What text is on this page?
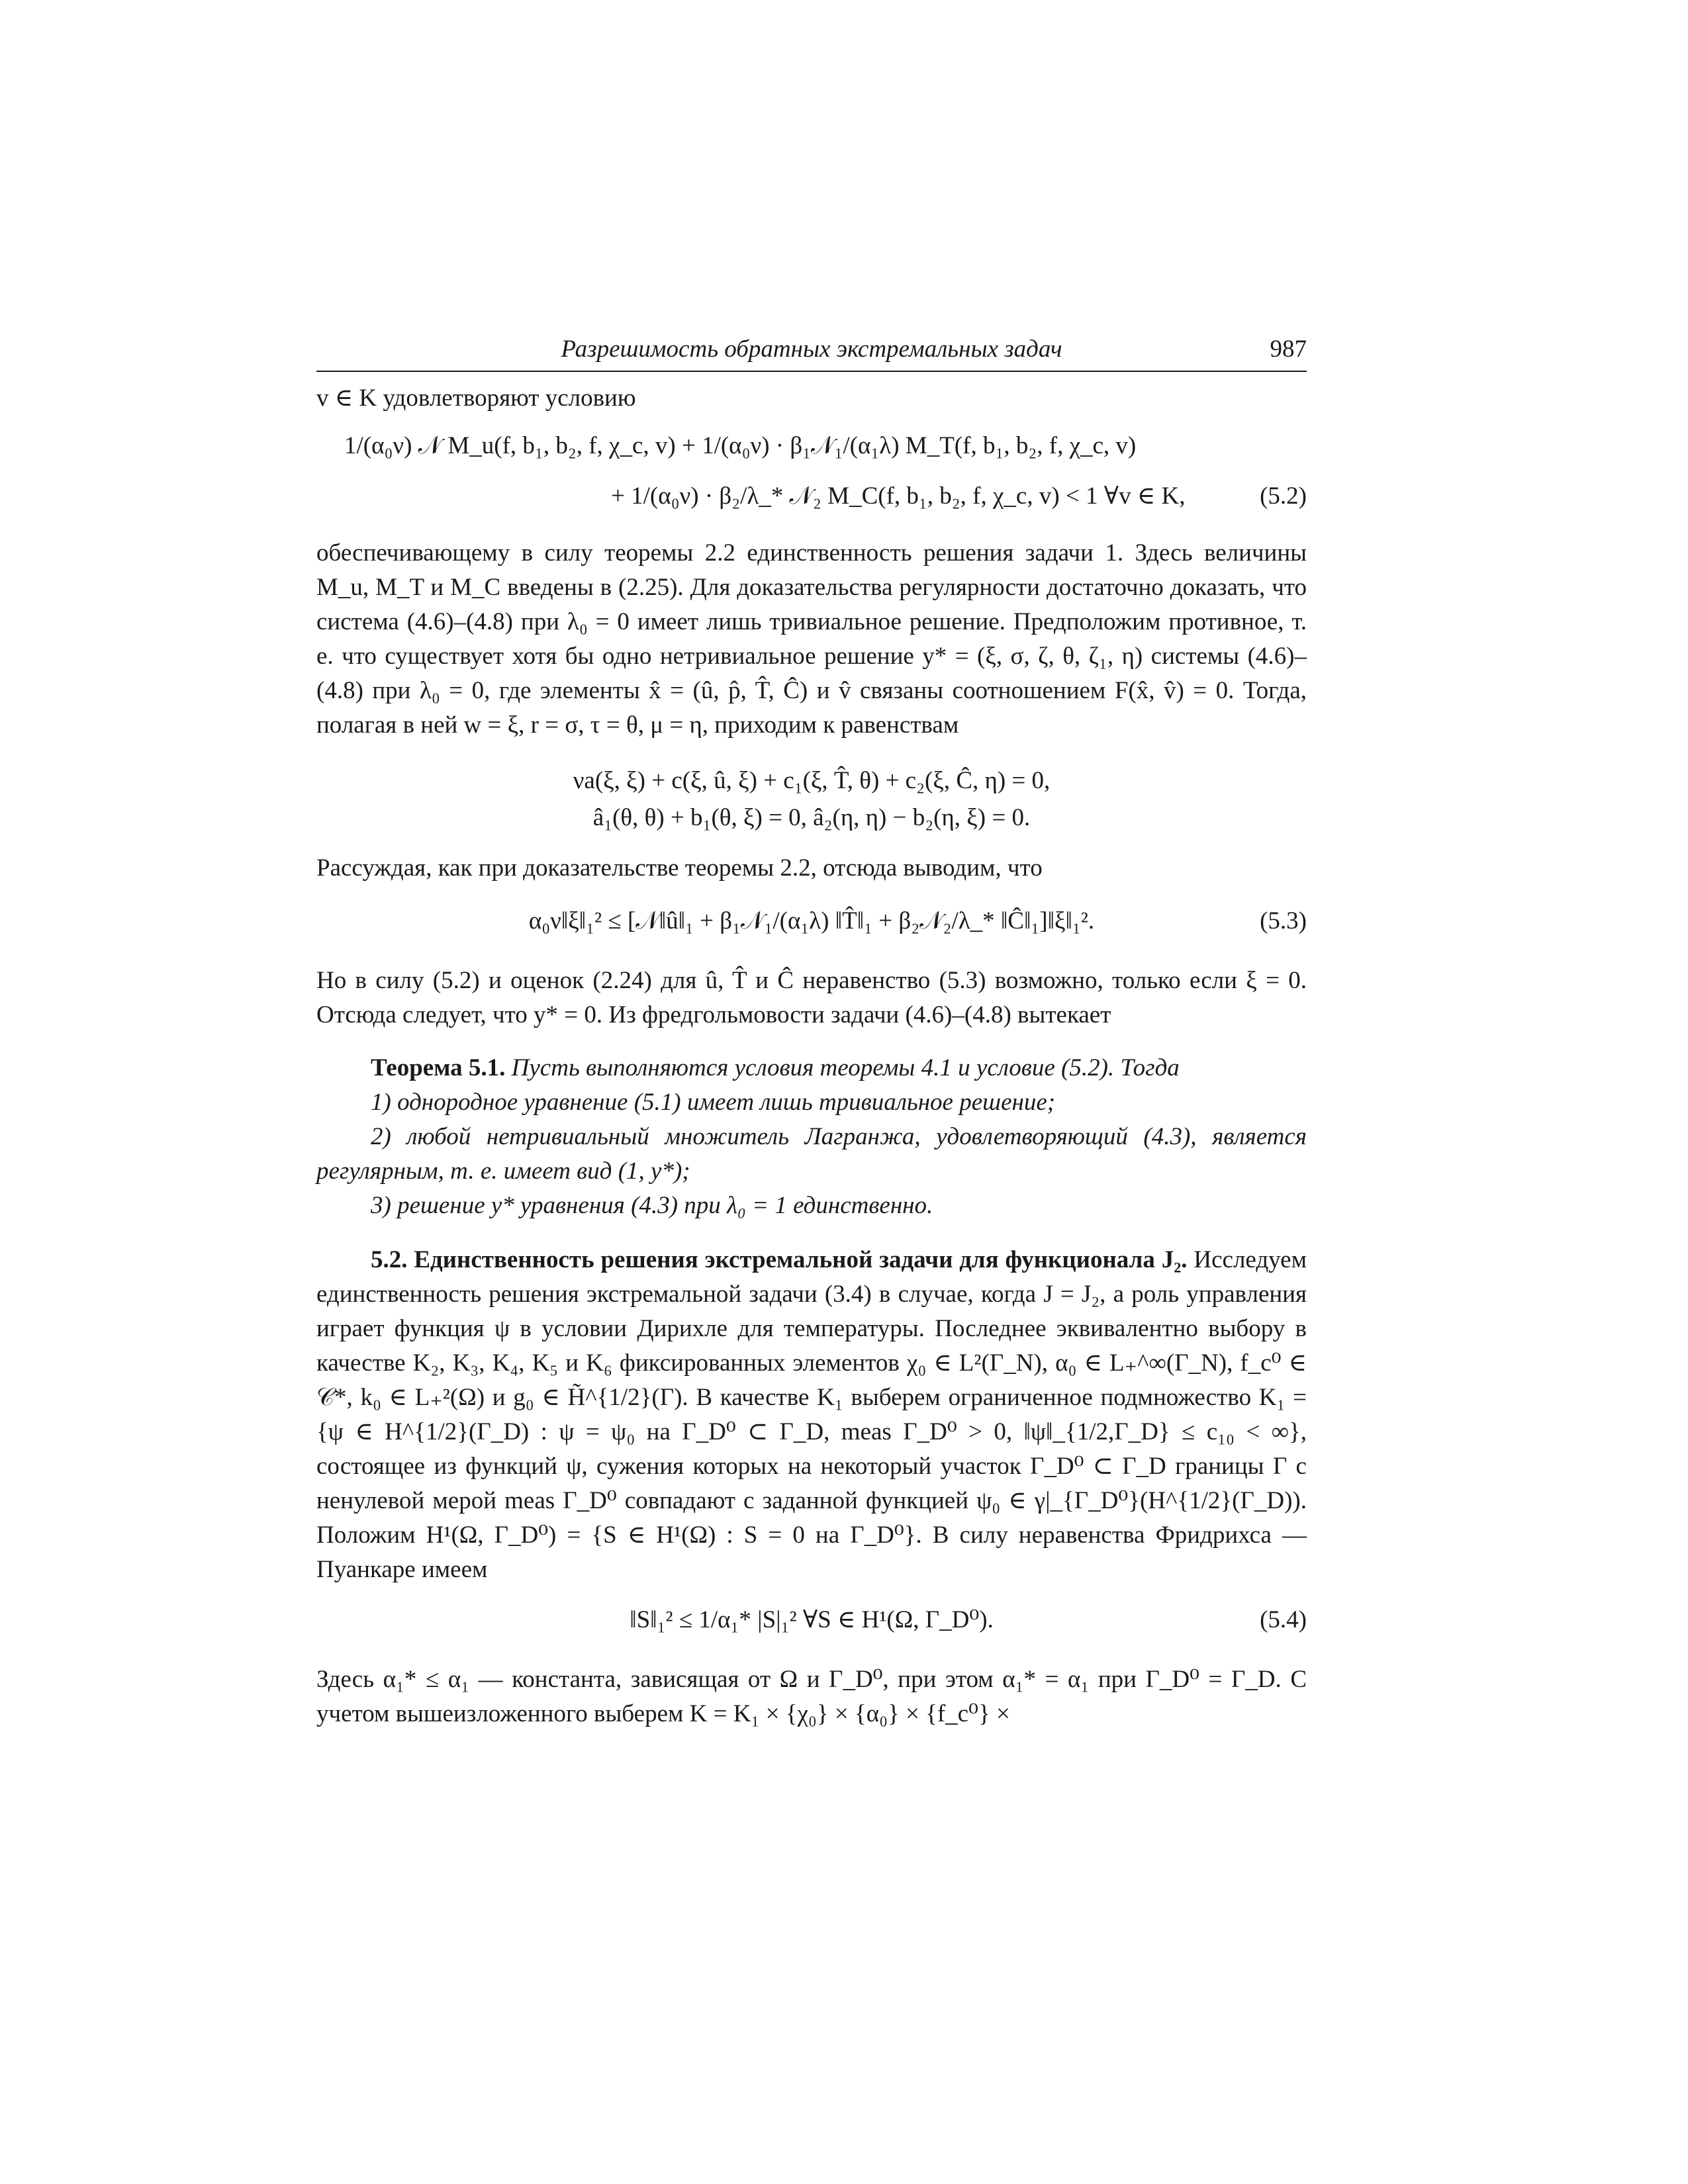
Разрешимость обратных экстремальных задач	987

v ∈ K удовлетворяют условию

1/(α₀ν) 𝒩 M_u(f, b₁, b₂, f, χ_c, v) + 1/(α₀ν) · β₁𝒩₁/(α₁λ) M_T(f, b₁, b₂, f, χ_c, v)
+ 1/(α₀ν) · β₂/λ_* 𝒩₂ M_C(f, b₁, b₂, f, χ_c, v) < 1 ∀v ∈ K,	(5.2)

обеспечивающему в силу теоремы 2.2 единственность решения задачи 1. Здесь величины M_u, M_T и M_C введены в (2.25). Для доказательства регулярности достаточно доказать, что система (4.6)–(4.8) при λ₀ = 0 имеет лишь тривиальное решение. Предположим противное, т. е. что существует хотя бы одно нетривиальное решение y* = (ξ, σ, ζ, θ, ζ₁, η) системы (4.6)–(4.8) при λ₀ = 0, где элементы x̂ = (û, p̂, T̂, Ĉ) и v̂ связаны соотношением F(x̂, v̂) = 0. Тогда, полагая в ней w = ξ, r = σ, τ = θ, μ = η, приходим к равенствам

νa(ξ, ξ) + c(ξ, û, ξ) + c₁(ξ, T̂, θ) + c₂(ξ, Ĉ, η) = 0,
â₁(θ, θ) + b₁(θ, ξ) = 0, â₂(η, η) − b₂(η, ξ) = 0.

Рассуждая, как при доказательстве теоремы 2.2, отсюда выводим, что

α₀ν‖ξ‖₁² ≤ [𝒩‖û‖₁ + β₁𝒩₁/(α₁λ) ‖T̂‖₁ + β₂𝒩₂/λ_* ‖Ĉ‖₁]‖ξ‖₁².	(5.3)

Но в силу (5.2) и оценок (2.24) для û, T̂ и Ĉ неравенство (5.3) возможно, только если ξ = 0. Отсюда следует, что y* = 0. Из фредгольмовости задачи (4.6)–(4.8) вытекает

Теорема 5.1. Пусть выполняются условия теоремы 4.1 и условие (5.2). Тогда

1) однородное уравнение (5.1) имеет лишь тривиальное решение;

2) любой нетривиальный множитель Лагранжа, удовлетворяющий (4.3), является регулярным, т. е. имеет вид (1, y*);

3) решение y* уравнения (4.3) при λ₀ = 1 единственно.

5.2. Единственность решения экстремальной задачи для функционала J₂. Исследуем единственность решения экстремальной задачи (3.4) в случае, когда J = J₂, а роль управления играет функция ψ в условии Дирихле для температуры. Последнее эквивалентно выбору в качестве K₂, K₃, K₄, K₅ и K₆ фиксированных элементов χ₀ ∈ L²(Γ_N), α₀ ∈ L₊^∞(Γ_N), f_c⁰ ∈ 𝒞*, k₀ ∈ L₊²(Ω) и g₀ ∈ H̃^{1/2}(Γ). В качестве K₁ выберем ограниченное подмножество K₁ = {ψ ∈ H^{1/2}(Γ_D) : ψ = ψ₀ на Γ_D⁰ ⊂ Γ_D, meas Γ_D⁰ > 0, ‖ψ‖_{1/2,Γ_D} ≤ c₁₀ < ∞}, состоящее из функций ψ, сужения которых на некоторый участок Γ_D⁰ ⊂ Γ_D границы Γ с ненулевой мерой meas Γ_D⁰ совпадают с заданной функцией ψ₀ ∈ γ|_{Γ_D⁰}(H^{1/2}(Γ_D)). Положим H¹(Ω, Γ_D⁰) = {S ∈ H¹(Ω) : S = 0 на Γ_D⁰}. В силу неравенства Фридрихса — Пуанкаре имеем

‖S‖₁² ≤ 1/α₁* |S|₁² ∀S ∈ H¹(Ω, Γ_D⁰).	(5.4)

Здесь α₁* ≤ α₁ — константа, зависящая от Ω и Γ_D⁰, при этом α₁* = α₁ при Γ_D⁰ = Γ_D. С учетом вышеизложенного выберем K = K₁ × {χ₀} × {α₀} × {f_c⁰} ×
